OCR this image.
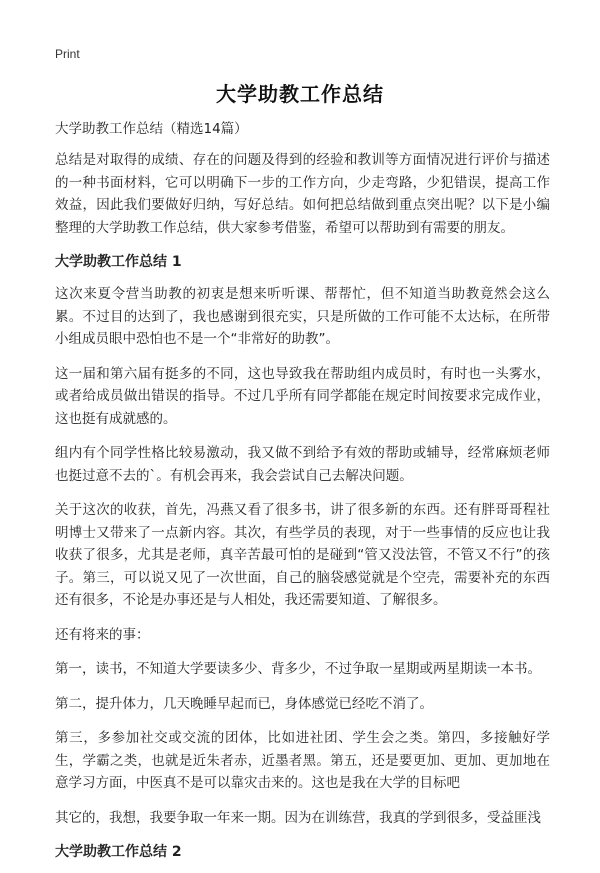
Print
大学助教工作总结
大学助教工作总结（精选14篇）

总结是对取得的成绩、存在的问题及得到的经验和教训等方面情况进行评价与描述的一种书面材料，它可以明确下一步的工作方向，少走弯路，少犯错误，提高工作效益，因此我们要做好归纳，写好总结。如何把总结做到重点突出呢？以下是小编整理的大学助教工作总结，供大家参考借鉴，希望可以帮助到有需要的朋友。

大学助教工作总结 1

这次来夏令营当助教的初衷是想来听听课、帮帮忙，但不知道当助教竟然会这么累。不过目的达到了，我也感谢到很充实，只是所做的工作可能不太达标，在所带小组成员眼中恐怕也不是一个“非常好的助教”。

这一届和第六届有挺多的不同，这也导致我在帮助组内成员时，有时也一头雾水，或者给成员做出错误的指导。不过几乎所有同学都能在规定时间按要求完成作业，这也挺有成就感的。

组内有个同学性格比较易激动，我又做不到给予有效的帮助或辅导，经常麻烦老师也挺过意不去的`。有机会再来，我会尝试自己去解决问题。

关于这次的收获，首先，冯燕又看了很多书，讲了很多新的东西。还有胖哥哥程社明博士又带来了一点新内容。其次，有些学员的表现，对于一些事情的反应也让我收获了很多，尤其是老师，真辛苦最可怕的是碰到“管又没法管，不管又不行”的孩子。第三，可以说又见了一次世面，自己的脑袋感觉就是个空壳，需要补充的东西还有很多，不论是办事还是与人相处，我还需要知道、了解很多。

还有将来的事：

第一，读书，不知道大学要读多少、背多少，不过争取一星期或两星期读一本书。

第二，提升体力，几天晚睡早起而已，身体感觉已经吃不消了。

第三，多参加社交或交流的团体，比如进社团、学生会之类。第四，多接触好学生，学霸之类，也就是近朱者赤，近墨者黑。第五，还是要更加、更加、更加地在意学习方面，中医真不是可以靠灾击来的。这也是我在大学的目标吧

其它的，我想，我要争取一年来一期。因为在训练营，我真的学到很多，受益匪浅

大学助教工作总结 2
